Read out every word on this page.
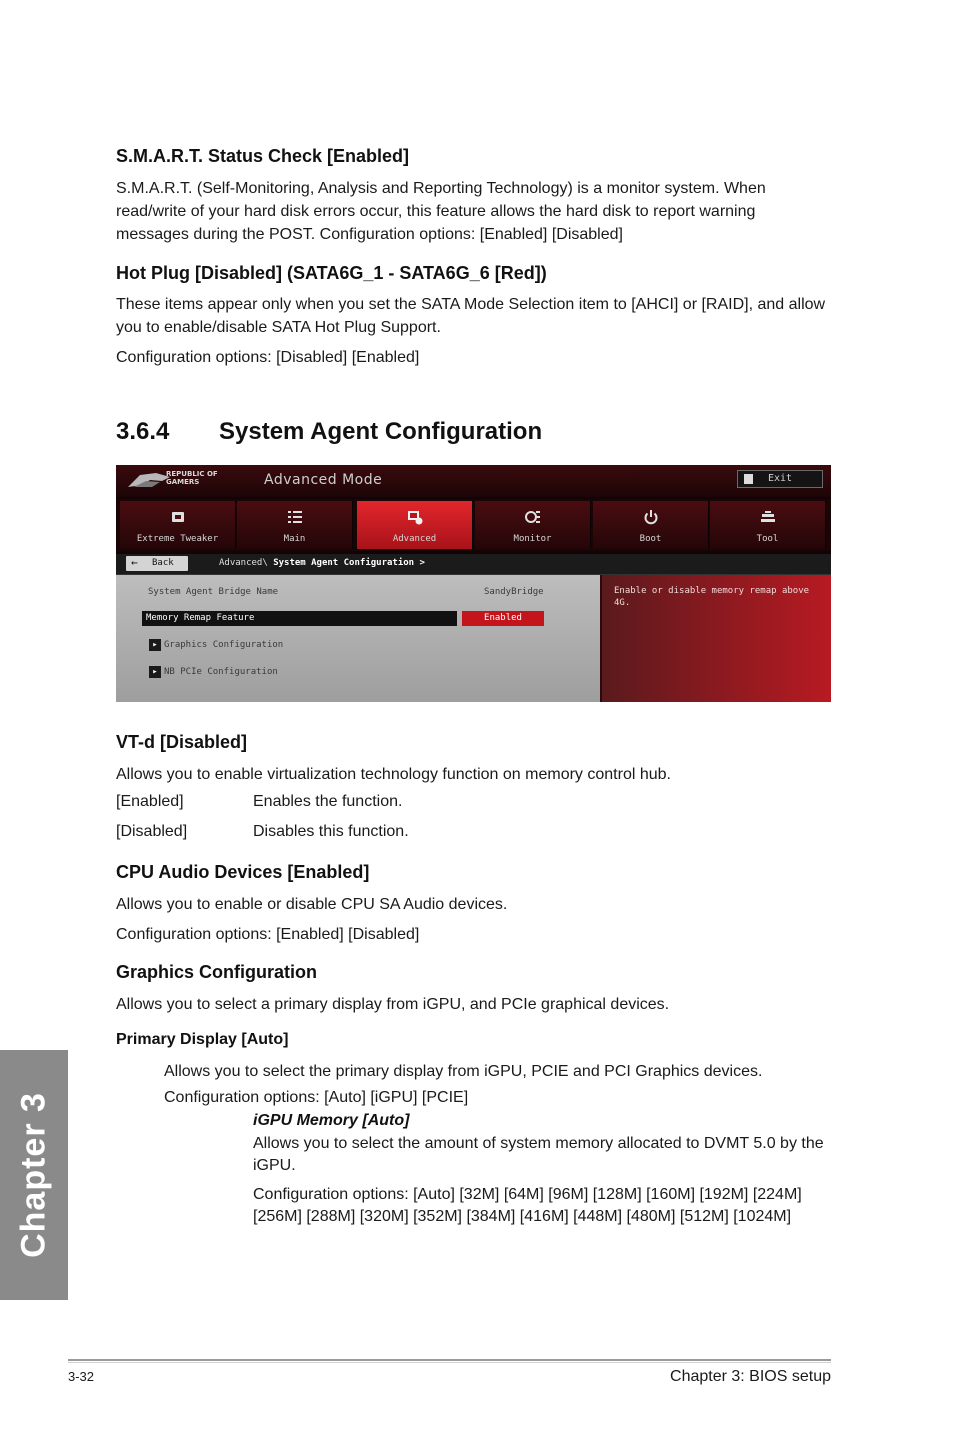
S.M.A.R.T. Status Check [Enabled]
S.M.A.R.T. (Self-Monitoring, Analysis and Reporting Technology) is a monitor system. When read/write of your hard disk errors occur, this feature allows the hard disk to report warning messages during the POST. Configuration options: [Enabled] [Disabled]
Hot Plug [Disabled] (SATA6G_1 - SATA6G_6 [Red])
These items appear only when you set the SATA Mode Selection item to [AHCI] or [RAID], and allow you to enable/disable SATA Hot Plug Support.
Configuration options: [Disabled] [Enabled]
3.6.4 System Agent Configuration
REPUBLIC OF
GAMERS	Advanced Mode	Exit
Extreme Tweaker	Main	Advanced	Monitor	Boot	Tool
← Back	Advanced\ System Agent Configuration >
System Agent Bridge Name	SandyBridge
Memory Remap Feature	Enabled
▸ Graphics Configuration
▸ NB PCIe Configuration
Enable or disable memory remap above 4G.
VT-d [Disabled]
Allows you to enable virtualization technology function on memory control hub.
[Enabled]	Enables the function.
[Disabled]	Disables this function.
CPU Audio Devices [Enabled]
Allows you to enable or disable CPU SA Audio devices.
Configuration options: [Enabled] [Disabled]
Graphics Configuration
Allows you to select a primary display from iGPU, and PCIe graphical devices.
Primary Display [Auto]
Allows you to select the primary display from iGPU, PCIE and PCI Graphics devices.
Configuration options: [Auto] [iGPU] [PCIE]
iGPU Memory [Auto]
Allows you to select the amount of system memory allocated to DVMT 5.0 by the iGPU.
Configuration options: [Auto] [32M] [64M] [96M] [128M] [160M] [192M] [224M] [256M] [288M] [320M] [352M] [384M] [416M] [448M] [480M] [512M] [1024M]
Chapter 3
3-32	Chapter 3: BIOS setup
